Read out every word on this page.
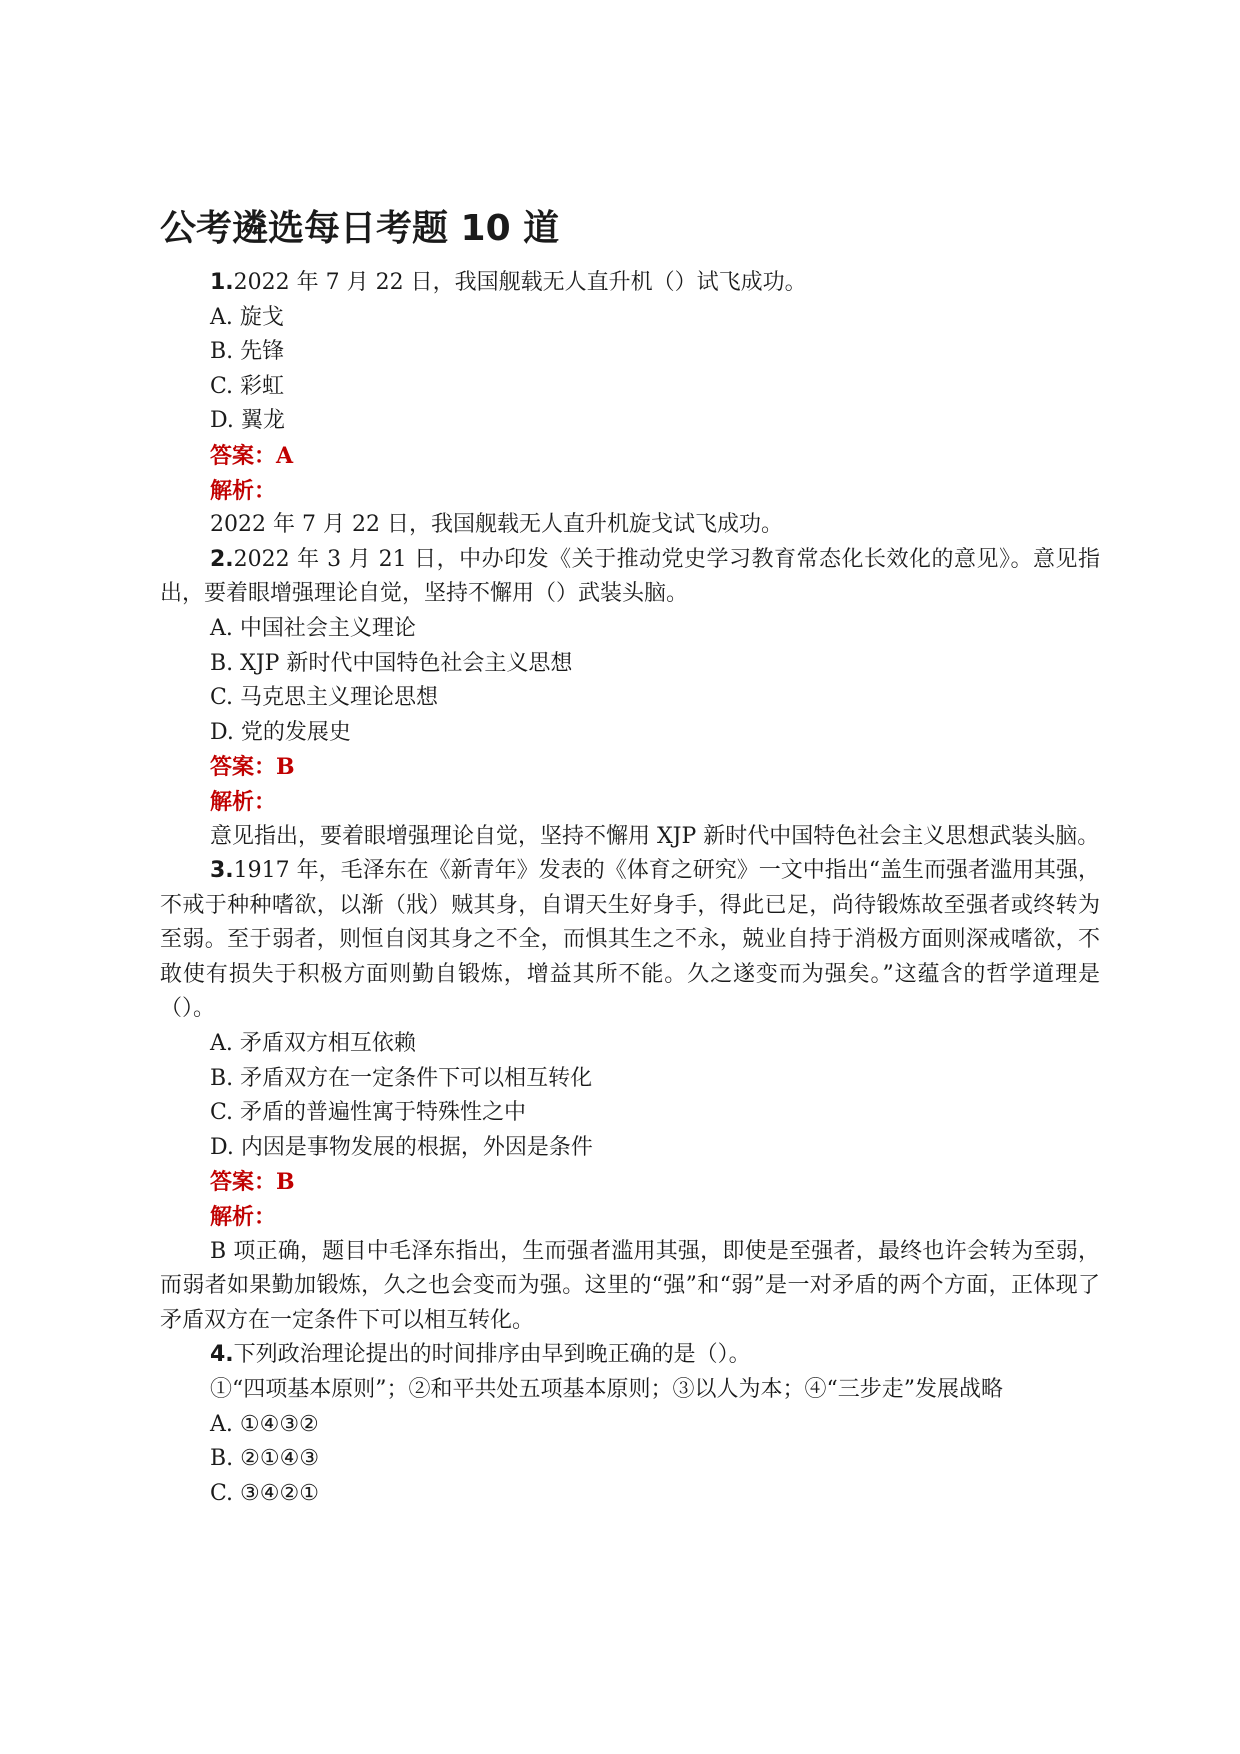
公考遴选每日考题 10 道

1.2022 年 7 月 22 日，我国舰载无人直升机（）试飞成功。

A. 旋戈

B. 先锋

C. 彩虹

D. 翼龙

答案：A

解析：

2022 年 7 月 22 日，我国舰载无人直升机旋戈试飞成功。

2.2022 年 3 月 21 日，中办印发《关于推动党史学习教育常态化长效化的意见》。意见指出，要着眼增强理论自觉，坚持不懈用（）武装头脑。

A. 中国社会主义理论

B. XJP 新时代中国特色社会主义思想

C. 马克思主义理论思想

D. 党的发展史

答案：B

解析：

意见指出，要着眼增强理论自觉，坚持不懈用 XJP 新时代中国特色社会主义思想武装头脑。

3.1917 年，毛泽东在《新青年》发表的《体育之研究》一文中指出“盖生而强者滥用其强，不戒于种种嗜欲，以渐（戕）贼其身，自谓天生好身手，得此已足，尚待锻炼故至强者或终转为至弱。至于弱者，则恒自闵其身之不全，而惧其生之不永，兢业自持于消极方面则深戒嗜欲，不敢使有损失于积极方面则勤自锻炼，增益其所不能。久之遂变而为强矣。”这蕴含的哲学道理是（）。

A. 矛盾双方相互依赖

B. 矛盾双方在一定条件下可以相互转化

C. 矛盾的普遍性寓于特殊性之中

D. 内因是事物发展的根据，外因是条件

答案：B

解析：

B 项正确，题目中毛泽东指出，生而强者滥用其强，即使是至强者，最终也许会转为至弱，而弱者如果勤加锻炼，久之也会变而为强。这里的“强”和“弱”是一对矛盾的两个方面，正体现了矛盾双方在一定条件下可以相互转化。

4.下列政治理论提出的时间排序由早到晚正确的是（）。

①“四项基本原则”；②和平共处五项基本原则；③以人为本；④“三步走”发展战略

A. ①④③②

B. ②①④③

C. ③④②①
